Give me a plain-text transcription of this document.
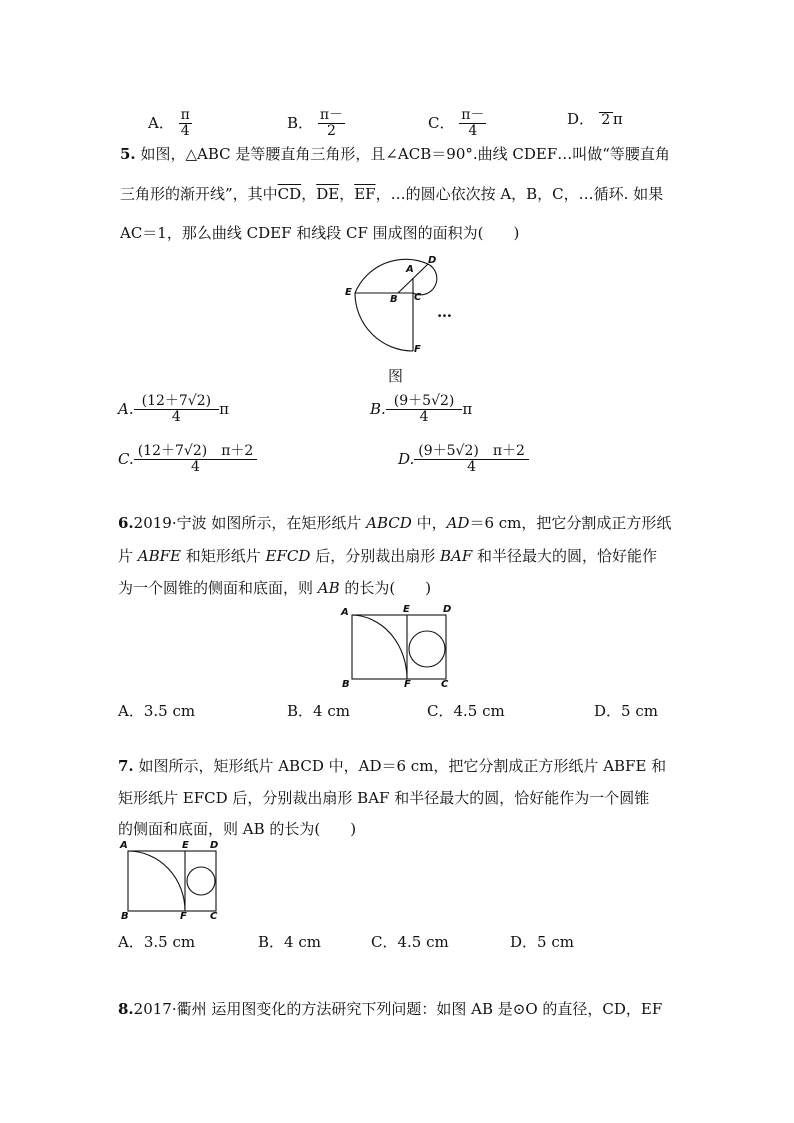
A． $\frac{\pi}{4}$	B． $\frac{\pi-}{2}$	C． $\frac{\pi-}{4}$	D． 2 π
5. 如图，△ABC 是等腰直角三角形，且∠ACB＝90°.曲线 CDEF…叫做“等腰直角
三角形的渐开线”，其中$\overline{CD}$，$\overline{DE}$，$\overline{EF}$，…的圆心依次按 A，B，C，…循环. 如果
AC＝1，那么曲线 CDEF 和线段 CF 围成图的面积为(　　)
A
D
E
B C
F
…
图
A. $\frac{(12+7√2)}{4}$ π	B. $\frac{(9+5√2)}{4}$ π
C. $\frac{(12+7√2) \pi+2}{4}$	D. $\frac{(9+5√2) \pi+2}{4}$
6.2019·宁波 如图所示，在矩形纸片 ABCD 中，AD＝6 cm，把它分割成正方形纸
片 ABFE 和矩形纸片 EFCD 后，分别裁出扇形 BAF 和半径最大的圆，恰好能作
为一个圆锥的侧面和底面，则 AB 的长为(　　)
A	E	D
B	F	C
A．3.5 cm	B．4 cm	C．4.5 cm	D．5 cm
7. 如图所示，矩形纸片 ABCD 中，AD＝6 cm，把它分割成正方形纸片 ABFE 和
矩形纸片 EFCD 后，分别裁出扇形 BAF 和半径最大的圆，恰好能作为一个圆锥
的侧面和底面，则 AB 的长为(　　)
A	E D
B	F C
A．3.5 cm	B．4 cm	C．4.5 cm	D．5 cm
8.2017·衢州 运用图变化的方法研究下列问题：如图 AB 是⊙O 的直径，CD，EF
